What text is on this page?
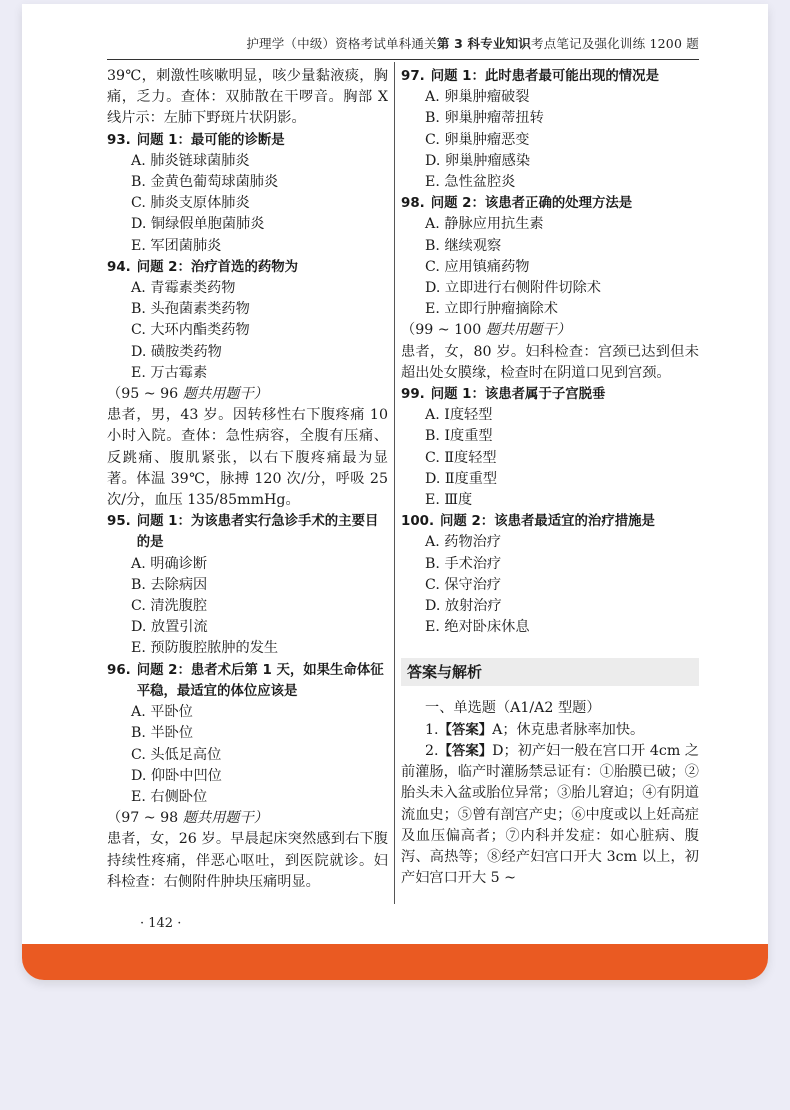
护理学（中级）资格考试单科通关第 3 科专业知识考点笔记及强化训练 1200 题

39℃，刺激性咳嗽明显，咳少量黏液痰，胸痛，乏力。查体：双肺散在干啰音。胸部 X 线片示：左肺下野斑片状阴影。

93. 问题 1：最可能的诊断是

A. 肺炎链球菌肺炎

B. 金黄色葡萄球菌肺炎

C. 肺炎支原体肺炎

D. 铜绿假单胞菌肺炎

E. 军团菌肺炎

94. 问题 2：治疗首选的药物为

A. 青霉素类药物

B. 头孢菌素类药物

C. 大环内酯类药物

D. 磺胺类药物

E. 万古霉素

（95 ~ 96 题共用题干）

患者，男，43 岁。因转移性右下腹疼痛 10 小时入院。查体：急性病容，全腹有压痛、反跳痛、腹肌紧张，以右下腹疼痛最为显著。体温 39℃，脉搏 120 次/分，呼吸 25 次/分，血压 135/85mmHg。

95. 问题 1：为该患者实行急诊手术的主要目的是

A. 明确诊断

B. 去除病因

C. 清洗腹腔

D. 放置引流

E. 预防腹腔脓肿的发生

96. 问题 2：患者术后第 1 天，如果生命体征平稳，最适宜的体位应该是

A. 平卧位

B. 半卧位

C. 头低足高位

D. 仰卧中凹位

E. 右侧卧位

（97 ~ 98 题共用题干）

患者，女，26 岁。早晨起床突然感到右下腹持续性疼痛，伴恶心呕吐，到医院就诊。妇科检查：右侧附件肿块压痛明显。

97. 问题 1：此时患者最可能出现的情况是

A. 卵巢肿瘤破裂

B. 卵巢肿瘤蒂扭转

C. 卵巢肿瘤恶变

D. 卵巢肿瘤感染

E. 急性盆腔炎

98. 问题 2：该患者正确的处理方法是

A. 静脉应用抗生素

B. 继续观察

C. 应用镇痛药物

D. 立即进行右侧附件切除术

E. 立即行肿瘤摘除术

（99 ~ 100 题共用题干）

患者，女，80 岁。妇科检查：宫颈已达到但未超出处女膜缘，检查时在阴道口见到宫颈。

99. 问题 1：该患者属于子宫脱垂

A. Ⅰ度轻型

B. Ⅰ度重型

C. Ⅱ度轻型

D. Ⅱ度重型

E. Ⅲ度

100. 问题 2：该患者最适宜的治疗措施是

A. 药物治疗

B. 手术治疗

C. 保守治疗

D. 放射治疗

E. 绝对卧床休息

答案与解析

一、单选题（A1/A2 型题）

1.【答案】A；休克患者脉率加快。

2.【答案】D；初产妇一般在宫口开 4cm 之前灌肠，临产时灌肠禁忌证有：①胎膜已破；②胎头未入盆或胎位异常；③胎儿窘迫；④有阴道流血史；⑤曾有剖宫产史；⑥中度或以上妊高症及血压偏高者；⑦内科并发症：如心脏病、腹泻、高热等；⑧经产妇宫口开大 3cm 以上，初产妇宫口开大 5 ~

· 142 ·
